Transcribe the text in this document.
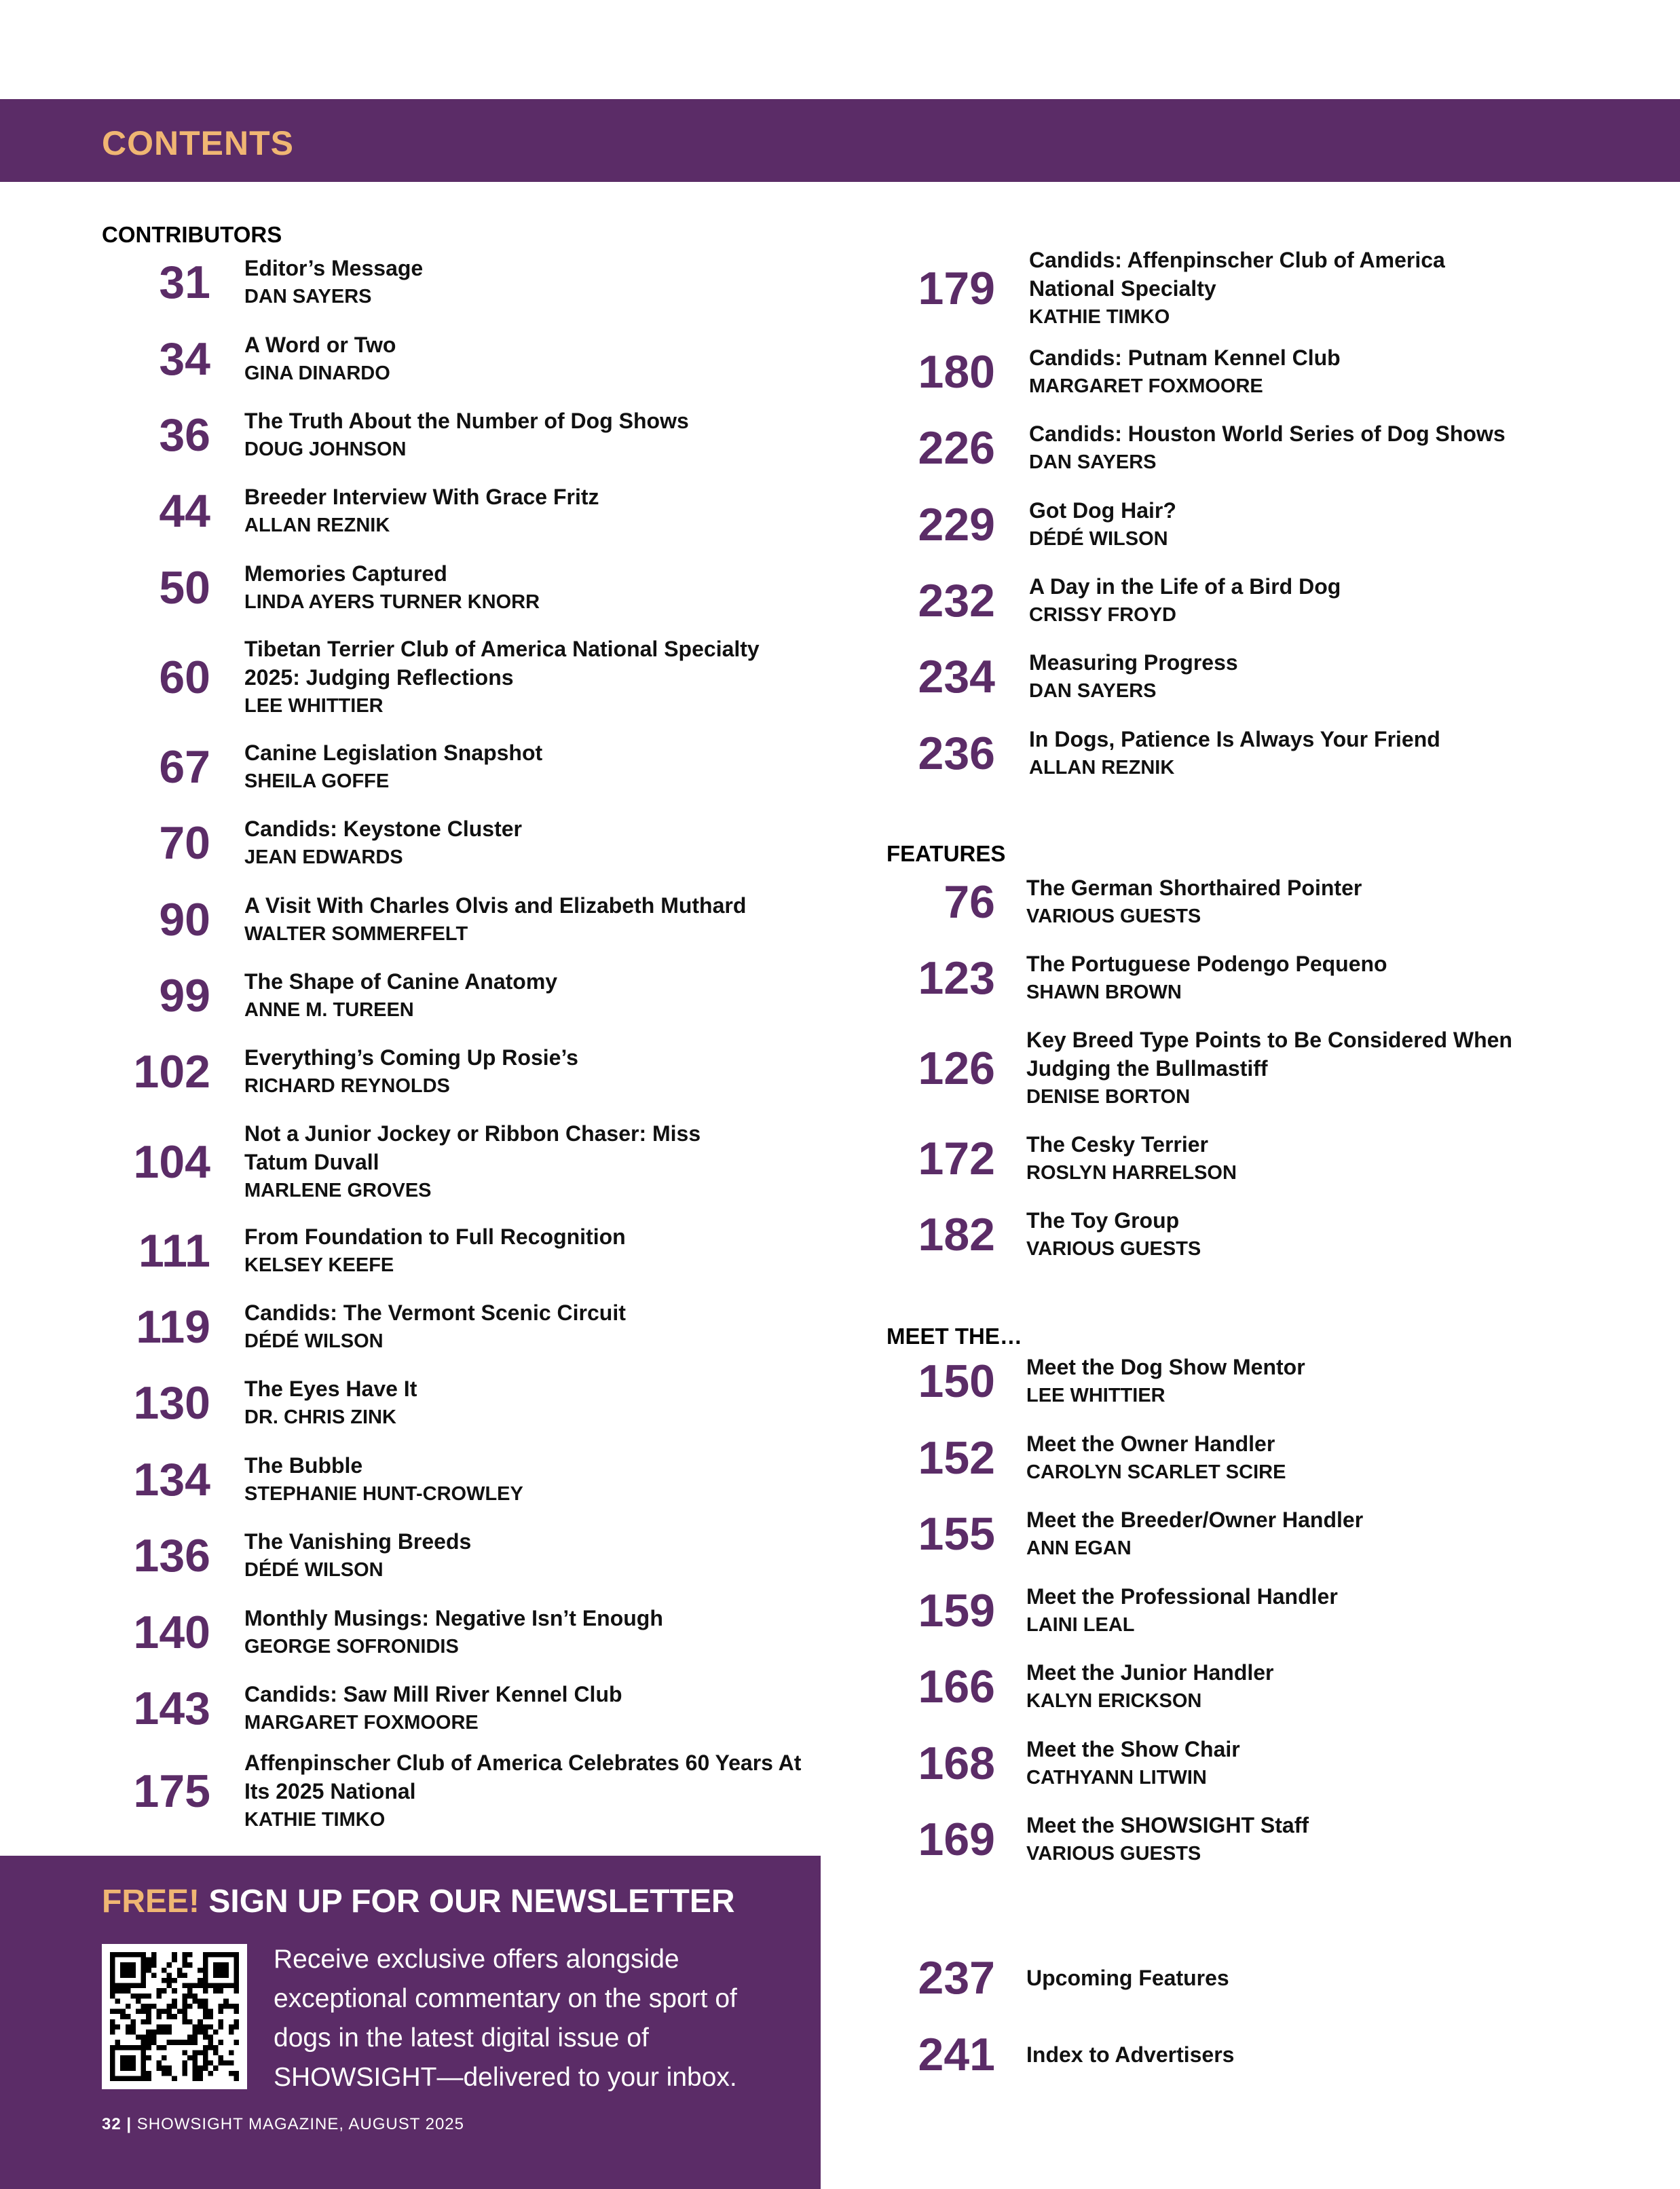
CONTENTS
CONTRIBUTORS
31 Editor’s Message
DAN SAYERS
34 A Word or Two
GINA DINARDO
36 The Truth About the Number of Dog Shows
DOUG JOHNSON
44 Breeder Interview With Grace Fritz
ALLAN REZNIK
50 Memories Captured
LINDA AYERS TURNER KNORR
60
Tibetan Terrier Club of America National Specialty 2025: Judging Reflections
LEE WHITTIER
67 Canine Legislation Snapshot
SHEILA GOFFE
70 Candids: Keystone Cluster
JEAN EDWARDS
90 A Visit With Charles Olvis and Elizabeth Muthard
WALTER SOMMERFELT
99 The Shape of Canine Anatomy
ANNE M. TUREEN
102 Everything’s Coming Up Rosie’s
RICHARD REYNOLDS
104
Not a Junior Jockey or Ribbon Chaser: Miss Tatum Duvall
MARLENE GROVES
111 From Foundation to Full Recognition
KELSEY KEEFE
119 Candids: The Vermont Scenic Circuit
DÉDÉ WILSON
130 The Eyes Have It
DR. CHRIS ZINK
134 The Bubble
STEPHANIE HUNT-CROWLEY
136 The Vanishing Breeds
DÉDÉ WILSON
140 Monthly Musings: Negative Isn’t Enough
GEORGE SOFRONIDIS
143 Candids: Saw Mill River Kennel Club
MARGARET FOXMOORE
175
Affenpinscher Club of America Celebrates 60 Years At Its 2025 National
KATHIE TIMKO
179
Candids: Affenpinscher Club of America National Specialty
KATHIE TIMKO
180 Candids: Putnam Kennel Club
MARGARET FOXMOORE
226 Candids: Houston World Series of Dog Shows
DAN SAYERS
229 Got Dog Hair?
DÉDÉ WILSON
232 A Day in the Life of a Bird Dog
CRISSY FROYD
234 Measuring Progress
DAN SAYERS
236 In Dogs, Patience Is Always Your Friend
ALLAN REZNIK
FEATURES
76 The German Shorthaired Pointer
VARIOUS GUESTS
123 The Portuguese Podengo Pequeno
SHAWN BROWN
126
Key Breed Type Points to Be Considered When Judging the Bullmastiff
DENISE BORTON
172 The Cesky Terrier
ROSLYN HARRELSON
182 The Toy Group
VARIOUS GUESTS
MEET THE…
150 Meet the Dog Show Mentor
LEE WHITTIER
152 Meet the Owner Handler
CAROLYN SCARLET SCIRE
155 Meet the Breeder/Owner Handler
ANN EGAN
159 Meet the Professional Handler
LAINI LEAL
166 Meet the Junior Handler
KALYN ERICKSON
168 Meet the Show Chair
CATHYANN LITWIN
169 Meet the SHOWSIGHT Staff
VARIOUS GUESTS
237 Upcoming Features
241 Index to Advertisers
FREE! SIGN UP FOR OUR NEWSLETTER
Receive exclusive offers alongside exceptional commentary on the sport of dogs in the latest digital issue of SHOWSIGHT—delivered to your inbox.
32 | SHOWSIGHT MAGAZINE, AUGUST 2025
